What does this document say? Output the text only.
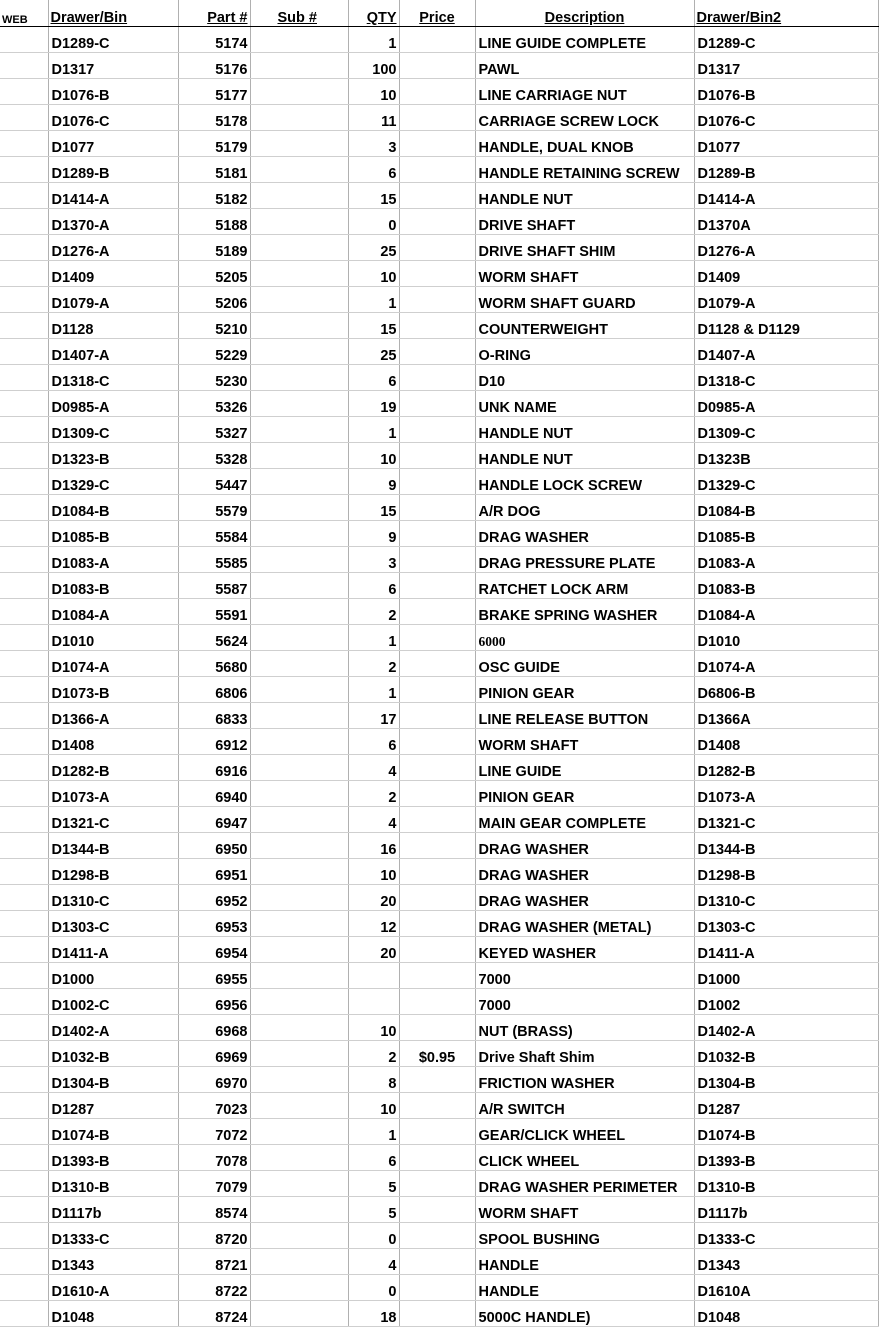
WEB	Drawer/Bin	Part #	Sub #	QTY	Price	Description	Drawer/Bin2
	D1289-C	5174		1		LINE GUIDE COMPLETE	D1289-C
	D1317	5176		100		PAWL	D1317
	D1076-B	5177		10		LINE CARRIAGE NUT	D1076-B
	D1076-C	5178		11		CARRIAGE SCREW LOCK	D1076-C
	D1077	5179		3		HANDLE, DUAL KNOB	D1077
	D1289-B	5181		6		HANDLE RETAINING SCREW	D1289-B
	D1414-A	5182		15		HANDLE NUT	D1414-A
	D1370-A	5188		0		DRIVE SHAFT	D1370A
	D1276-A	5189		25		DRIVE SHAFT SHIM	D1276-A
	D1409	5205		10		WORM SHAFT	D1409
	D1079-A	5206		1		WORM SHAFT GUARD	D1079-A
	D1128	5210		15		COUNTERWEIGHT	D1128 & D1129
	D1407-A	5229		25		O-RING	D1407-A
	D1318-C	5230		6		D10	D1318-C
	D0985-A	5326		19		UNK NAME	D0985-A
	D1309-C	5327		1		HANDLE NUT	D1309-C
	D1323-B	5328		10		HANDLE NUT	D1323B
	D1329-C	5447		9		HANDLE LOCK SCREW	D1329-C
	D1084-B	5579		15		A/R DOG	D1084-B
	D1085-B	5584		9		DRAG WASHER	D1085-B
	D1083-A	5585		3		DRAG PRESSURE PLATE	D1083-A
	D1083-B	5587		6		RATCHET LOCK ARM	D1083-B
	D1084-A	5591		2		BRAKE SPRING WASHER	D1084-A
	D1010	5624		1		6000	D1010
	D1074-A	5680		2		OSC GUIDE	D1074-A
	D1073-B	6806		1		PINION GEAR	D6806-B
	D1366-A	6833		17		LINE RELEASE BUTTON	D1366A
	D1408	6912		6		WORM SHAFT	D1408
	D1282-B	6916		4		LINE GUIDE	D1282-B
	D1073-A	6940		2		PINION GEAR	D1073-A
	D1321-C	6947		4		MAIN GEAR COMPLETE	D1321-C
	D1344-B	6950		16		DRAG WASHER	D1344-B
	D1298-B	6951		10		DRAG WASHER	D1298-B
	D1310-C	6952		20		DRAG WASHER	D1310-C
	D1303-C	6953		12		DRAG WASHER (METAL)	D1303-C
	D1411-A	6954		20		KEYED WASHER	D1411-A
	D1000	6955				7000	D1000
	D1002-C	6956				7000	D1002
	D1402-A	6968		10		NUT (BRASS)	D1402-A
	D1032-B	6969		2	$0.95	Drive Shaft Shim	D1032-B
	D1304-B	6970		8		FRICTION WASHER	D1304-B
	D1287	7023		10		A/R SWITCH	D1287
	D1074-B	7072		1		GEAR/CLICK WHEEL	D1074-B
	D1393-B	7078		6		CLICK WHEEL	D1393-B
	D1310-B	7079		5		DRAG WASHER PERIMETER	D1310-B
	D1117b	8574		5		WORM SHAFT	D1117b
	D1333-C	8720		0		SPOOL BUSHING	D1333-C
	D1343	8721		4		HANDLE	D1343
	D1610-A	8722		0		HANDLE	D1610A
	D1048	8724		18		5000C HANDLE)	D1048
